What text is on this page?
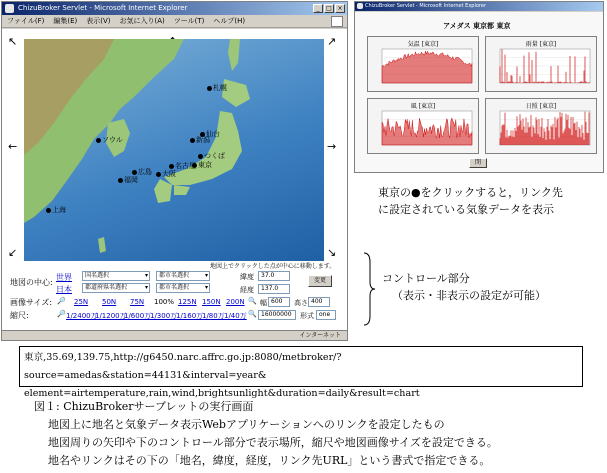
ChizuBroker Servlet - Microsoft Internet Explorer	_	□ ×
ファイル(F) 編集(E) 表示(V) お気に入り(A) ツール(T) ヘルプ(H)
↖	↗
←	→
↙	↘
札幌
ソウル	新潟
仙台
つくば
東京
広島
名古屋
大阪
福岡
上海
地図上でクリックした点が中心に移動します。
地図の中心:
世界
日本
国名選択 ▾	都市名選択 ▾
都道府県名選択 ▾	都市名選択 ▾
緯度	37.0
経度	137.0
変更
画像サイズ: 🔎 25N 50N 75N 100% 125N 150N 200N 🔍 幅 600	高さ 400
縮尺:	🔎 1/2400万
1/1200万
1/600万
1/300万
1/160万
1/80万 1/40万 🔍 16000000	形式 one
インターネット
ChizuBroker Servlet - Microsoft Internet Explorer
アメダス 東京都 東京
気温 [東京]	雨量 [東京]
風 [東京]	日照 [東京]
閉
東京の●をクリックすると，リンク先
に設定されている気象データを表示
コントロール部分
（表示・非表示の設定が可能）
東京,35.69,139.75,http://g6450.narc.affrc.go.jp:8080/metbroker/?source=amedas&station=44131&interval=year&
element=airtemperature,rain,wind,brightsunlight&duration=daily&result=chart
図１: ChizuBrokerサーブレットの実行画面
地図上に地名と気象データ表示Webアプリケーションへのリンクを設定したもの
地図周りの矢印や下のコントロール部分で表示場所，縮尺や地図画像サイズを設定できる。
地名やリンクはその下の「地名，緯度，経度，リンク先URL」という書式で指定できる。
